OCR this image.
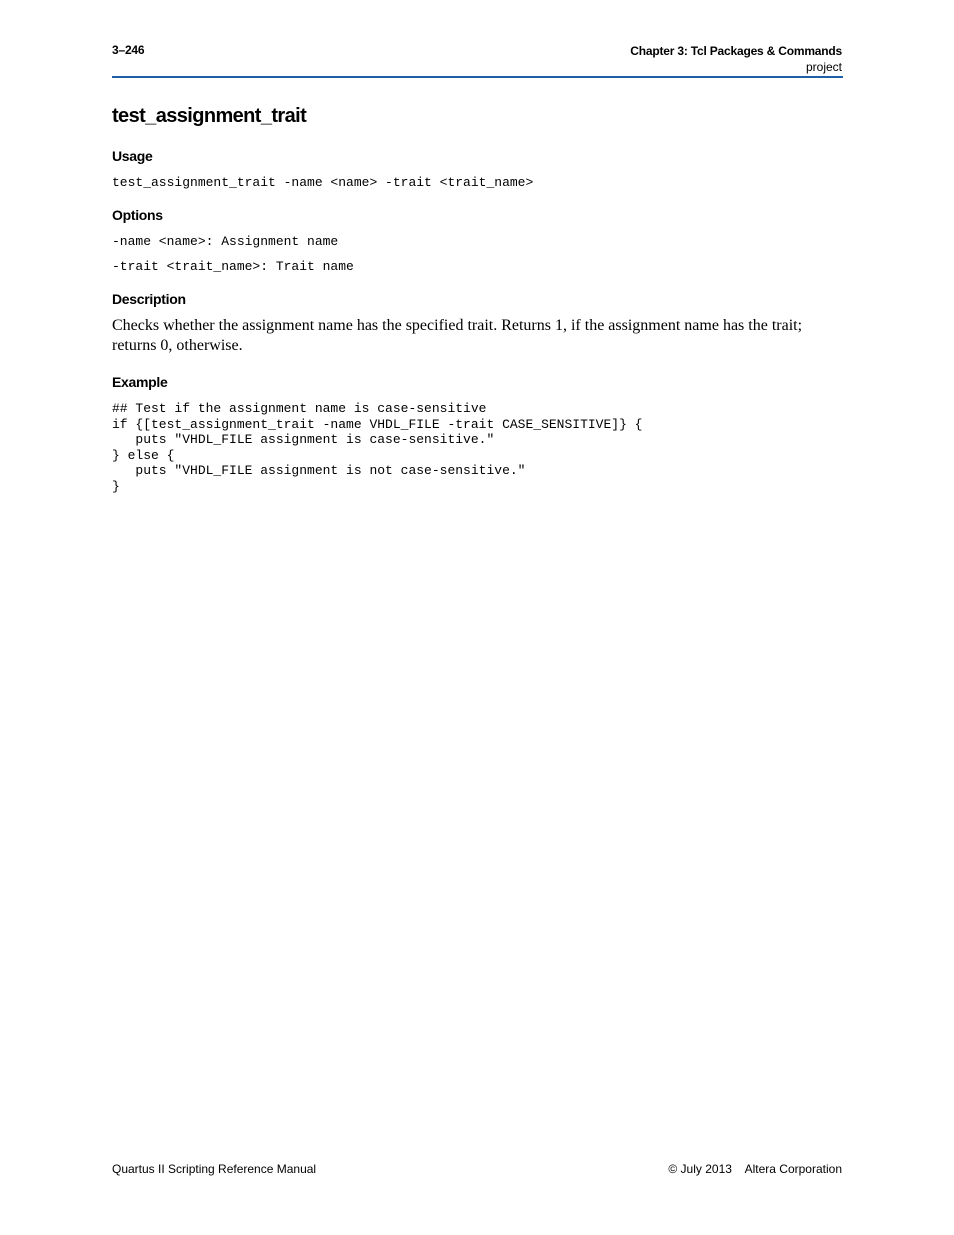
3–246	Chapter 3: Tcl Packages & Commands
project
test_assignment_trait
Usage
test_assignment_trait -name <name> -trait <trait_name>
Options
-name <name>: Assignment name
-trait <trait_name>: Trait name
Description

Checks whether the assignment name has the specified trait. Returns 1, if the assignment name has the trait; returns 0, otherwise.

Example
## Test if the assignment name is case-sensitive
if {[test_assignment_trait -name VHDL_FILE -trait CASE_SENSITIVE]} {
puts "VHDL_FILE assignment is case-sensitive."
} else {
puts "VHDL_FILE assignment is not case-sensitive."
}
Quartus II Scripting Reference Manual	© July 2013 Altera Corporation
